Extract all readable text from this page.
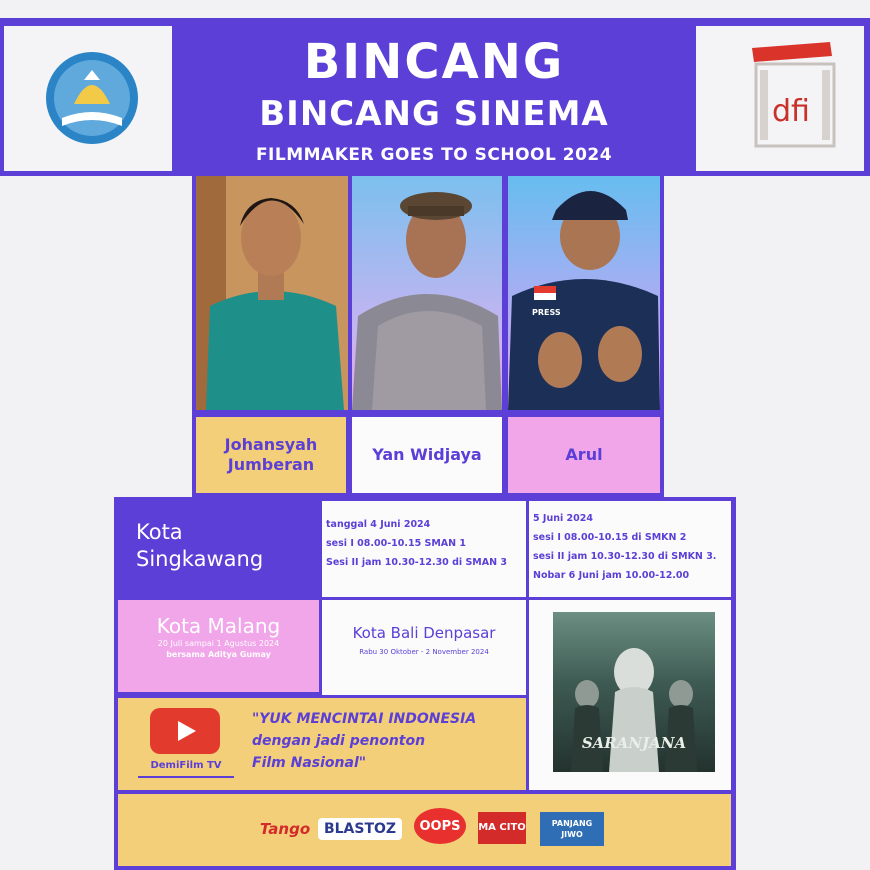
dfi
BINCANG
BINCANG SINEMA
FILMMAKER GOES TO SCHOOL 2024
PRESS
Johansyah
Jumberan
Yan Widjaya	Arul
Kota
Singkawang
tanggal 4 Juni 2024
sesi I 08.00-10.15 SMAN 1
Sesi II jam 10.30-12.30 di SMAN 3
5 Juni 2024
sesi I 08.00-10.15 di SMKN 2
sesi II jam 10.30-12.30 di SMKN 3.
Nobar 6 Juni jam 10.00-12.00
Kota Malang
20 Juli sampai 1 Agustus 2024
bersama Aditya Gumay
Kota Bali Denpasar
Rabu 30 Oktober - 2 November 2024
SARANJANA
DemiFilm TV
"YUK MENCINTAI INDONESIA
dengan jadi penonton
Film Nasional"
Tango BLASTOZ	OOPS	MA CITO	PANJANG JIWO
